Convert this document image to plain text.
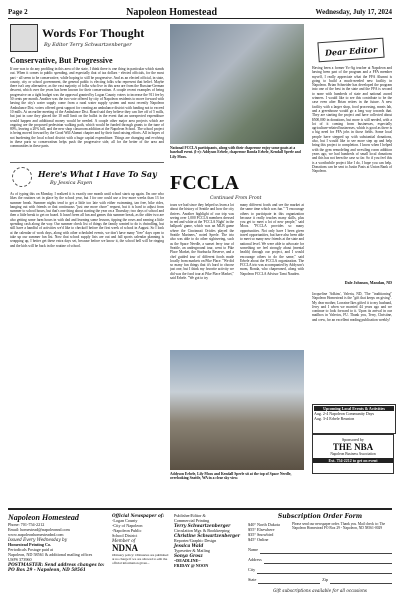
Page 2	Napoleon Homestead	Wednesday, July 17, 2024
Words For Thought
By Editor Terry Schwartzenberger
Conservative, But Progressive
If one was to do any profiling in this area of the state, I think there is one thing in particular which stands out. When it comes to public spending, and especially that of tax dollars - elected officials, for the most part - all seem to be conservative, while hoping to still be progressive. And as an elected official, in state, county, city or school government, the general public is electing folks who represent that belief. Maybe there isn't any alternative, as the vast majority of folks who live in this area are from the Russian-German descent, which over the years has been known for their conservatism. A couple recent examples of being progressive on a tight budget was the approval granted by Logan County voters to increase the 911 fee by 50 cents per month. Another was the two vote offered by city of Napoleon residents to move forward with having the city's water supply come from a rural water supply system and most recently Napoleon Ambulance Dist. voters offered great support for creating an ambulance district with funding not to exceed 10 mills. At an earlier meeting of the Ambulance Dist. Board said they believe they can live off of 5 mills, but just in case they placed the 10 mill limit on the ballot in the event that an unexpected expenditure would happen and additional money would be needed. A couple other major area projects which are ongoing are the proposed pedestrian walking path, which would be funded through grants to the tune of 80%, leaving a 20% bill, and the new shop classroom addition at the Napoleon School. The school project is being moved forward by the Good Will Alumni chapter and by their fund raising efforts. All in hopes of not burdening the local school district with a huge capital expenditure. Things are changing and evolving in these parts so conservatism helps push the progressive side, all for the better of the area and communities in these parts.
Here's What I Have To Say
By Jessica Fayen
As of typing this on Monday, I realized it is exactly one month until school starts up again. I'm one who likes the routines set in place by the school year, but I for one could use a few more weeks than 13 for summer break. Summer nights tend to get a little too late with either swimming, tan free, bike rides, hanging out with friends or that continuous "just one more chore" request, but it is hard to adjust from summer to school hours, but that's one thing about starting the year on a Thursday; two days of school and then a little break to get on board. It hasn't been all fun and games this summer break, as the older two are also getting some farm hours in with dad and learning some lessons, tipping the roses and earning a little spending cash along the way. Our summer check list of things the family wanted to do is dwindling, but still have a handful of activities we'd like to checkoff before the first week of school in August. So I look at the calendar of work days, along with other scheduled events, we don't have many "free" days open to take up our summer fun list. Now that school supply lists are out and fall sports calendar planning is wrapping up, I better get these extra days set, because before we know it, the school bell will be ringing and the kids will be back in the routine of school.
National FCCLA participants, along with their chaperone enjoy some goats at a baseball event. (l-r): Addyson Erbele, chaperone Ronda Erbele, Kendall Sperle and Lily Moos.
FCCLA
Continued From Front
tours we had since they helped us learn a lot about the history of Seattle and how the city thrives. Another highlight of our trip was seeing over 1,000 FCCLA members dressed in red and white at the 'FCCLA Night' in the ballpark' game, which was an MLB game where the Cincinnati Orioles played the Seattle Mariners," noted Sperle. The trio also was able to do other sightseeing, such as the Space Needle, a sunset ferry tour of Seattle, an underground tour, went to Pike Place Market, the Starbucks Reserve, and a chef guided tour of different foods made locally from markets on Pike Place. "We did so many fun things that it's hard to choose just one, but I think my favorite activity we did was the food tour at Pike Place Market," said Erbele. "We got to try
many different foods and see the market at the same time which was fun." "I encourage others to participate in this organization because it really teaches many skills, plus you get to meet a lot of new people," said Moos. "FCCLA provides so many opportunities. Not only have I been given travel opportunities, but have also been able to meet so many new friends at the state and national level. We were able to advocate for something we feel strongly about (mental health) through our project, and I would encourage others to do the same," said Erbele about the FCCLA organization. The FCCLA trio was accompanied by Addyson's mom, Ronda, who chaperoned, along with Napoleon FCCLA Advisor Tami Nauden.
Addyson Erbele, Lily Moos and Kendall Sperle sit at the top of Space Needle, overlooking Seattle, WA in a clear sky view.
Dear Editor
Having been a former Yo-Ag teacher at Napoleon and having been part of the program and a FFA member myself, I really appreciate what the FFA Alumni is going to build a much-needed new facility in Napoleon. Brian Schneider has developed the program into one of the best in the state and the FFA is second to none with hundreds of state and national award winners. I would like to see this contribute to be the case even after Brian retires in the future. A new facility with a larger shop, food processing, meats lab, and a greenhouse would go a long way towards that. They are starting the project and have collected about $500,000 in donations, but more is still needed, with a lot of it coming from businesses, especially agriculture-related businesses, which is good as there is a big need for FFA jobs in those fields. Some local people have stepped up with substantial donations, also, but I would like to see more step up and help bring this project to completion. I know when I helped with the gym remodeling and wrestling room addition years ago, we had hundreds of small local donations and this has not been the case so far. So if you feel this is a worthwhile project like I do, I hope you can help. Donations can be sent to Justin Pazis at Union Bank of Napoleon.
Dale Johnson, Mandan, ND
Jacqueline 'Adkins', Valeria, ND, 'The "traditioning" Napoleon Homestead is the "gift that keeps on giving". My dear mother, Lorraine Ikes gifted it to my husband, Jerry and I when we married 44 years ago and we continue to look forward to it. Upon its arrival in our mailbox in Valerios, FU. Thank you, Terry, Christine, and crew, for an excellent reading publication weekly!
Upcoming Local Events & Activities
Aug. 2-4 Napoleon Community Days
Aug. 3-4 Erbele Reunion
Sponsored by
THE NBA
Napoleon Business Association
Ext. 754-2212 to get on event
Napoleon Homestead
Phone: 701-754-2212
Email: homestead@napoleonnd.com
www.napoleonhomesteadnd.com
Issued Every Wednesday by
Homestead Printing Co.
Periodicals Postage paid at
Napoleon, ND 58561 & additional mailing offices
USPS 373960
POSTMASTER: Send address changes to:
PO Box 29 - Napoleon, ND 58561
Official Newspaper of:
-Logan County
-City of Napoleon
-Napoleon Public
School District
Member of
NDNA
Obituary policy: Obituaries are published at no charge if we are allowed to edit the official information given...
Publisher/Editor &
Commercial Printing
Terry Schwartzenberger
Circulation Mgr. & Bookkeeping
Christine Schwartzenberger
Reporter/Graphic Design
Jessica Wald
Typesetter & Mailing
Sonya Grosz
~DEADLINE~
FRIDAY @ NOON
Subscription Order Form
$40° North Dakota
$55° Elsewhere
$35° Snowbird
$45° Online
Please send our newspaper order. Thank you. Mail check to: The Napoleon Homestead PO Box 29 - Napoleon, ND 58561-0029
Name
Address
City
State	Zip
Gift subscriptions available for all occasions
